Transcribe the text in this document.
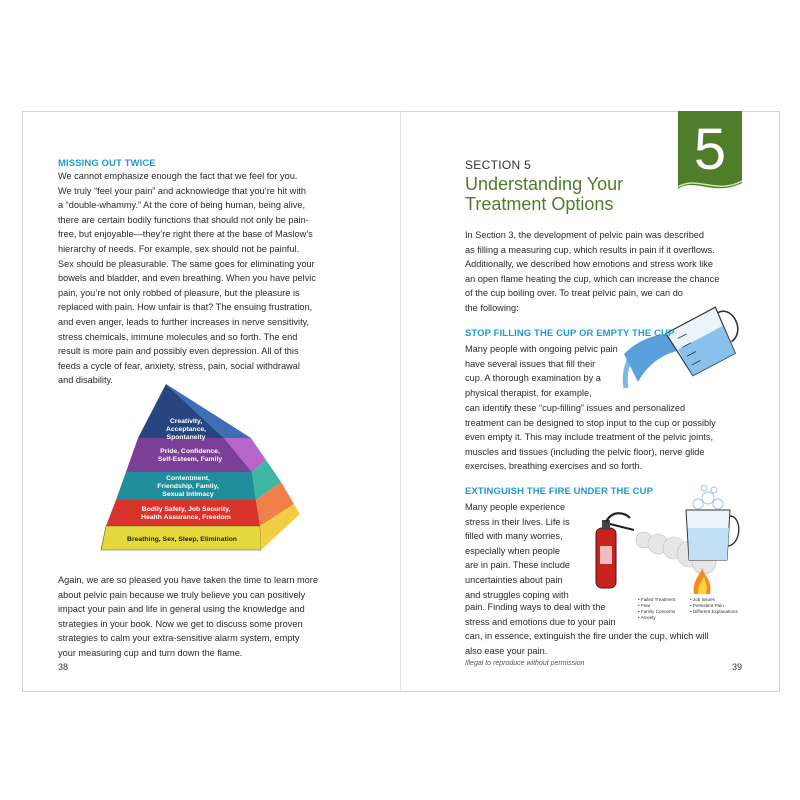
MISSING OUT TWICE
We cannot emphasize enough the fact that we feel for you.
We truly “feel your pain” and acknowledge that you’re hit with
a “double-whammy.” At the core of being human, being alive,
there are certain bodily functions that should not only be pain-
free, but enjoyable—they’re right there at the base of Maslow’s
hierarchy of needs. For example, sex should not be painful.
Sex should be pleasurable. The same goes for eliminating your
bowels and bladder, and even breathing. When you have pelvic
pain, you’re not only robbed of pleasure, but the pleasure is
replaced with pain. How unfair is that? The ensuing frustration,
and even anger, leads to further increases in nerve sensitivity,
stress chemicals, immune molecules and so forth. The end
result is more pain and possibly even depression. All of this
feeds a cycle of fear, anxiety, stress, pain, social withdrawal
and disability.
Creativity, Acceptance, Spontaneity
Pride, Confidence, Self-Esteem, Family
Contentment, Friendship, Family, Sexual Intimacy
Bodily Safety, Job Security, Health Assurance, Freedom
Breathing, Sex, Sleep, Elimination
Again, we are so pleased you have taken the time to learn more
about pelvic pain because we truly believe you can positively
impact your pain and life in general using the knowledge and
strategies in your book. Now we get to discuss some proven
strategies to calm your extra-sensitive alarm system, empty
your measuring cup and turn down the flame.
38
5
SECTION 5
Understanding Your
Treatment Options
In Section 3, the development of pelvic pain was described
as filling a measuring cup, which results in pain if it overflows.
Additionally, we described how emotions and stress work like
an open flame heating the cup, which can increase the chance
of the cup boiling over. To treat pelvic pain, we can do
the following:
STOP FILLING THE CUP OR EMPTY THE CUP
Many people with ongoing pelvic pain
have several issues that fill their
cup. A thorough examination by a
physical therapist, for example,
can identify these “cup-filling” issues and personalized
treatment can be designed to stop input to the cup or possibly
even empty it. This may include treatment of the pelvic joints,
muscles and tissues (including the pelvic floor), nerve glide
exercises, breathing exercises and so forth.
EXTINGUISH THE FIRE UNDER THE CUP
Many people experience
stress in their lives. Life is
filled with many worries,
especially when people
are in pain. These include
uncertainties about pain
and struggles coping with
pain. Finding ways to deal with the
stress and emotions due to your pain
can, in essence, extinguish the fire under the cup, which will
also ease your pain.
• Failed Treatment
• Fear
• Family Concerns
• Anxiety
• Job Issues
• Persistent Pain
• Different Explanations
Illegal to reproduce without permission	39
